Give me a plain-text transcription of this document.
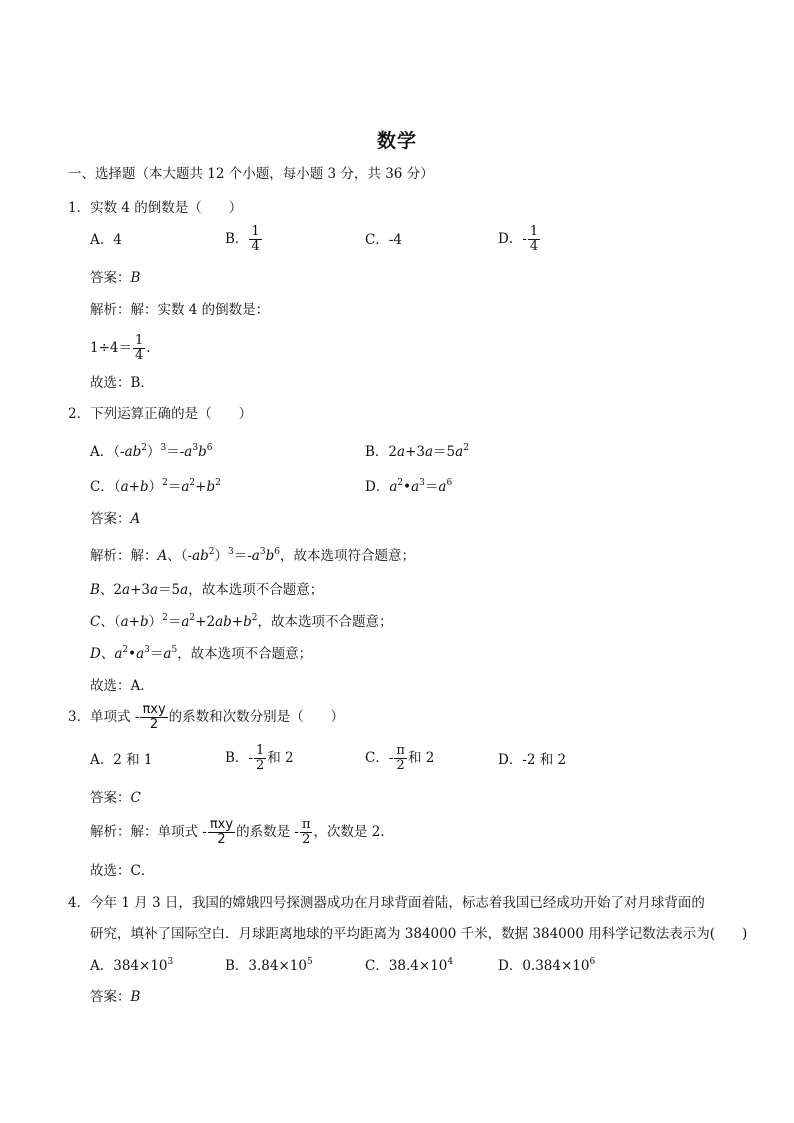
数学
一、选择题（本大题共 12 个小题，每小题 3 分，共 36 分）
1．实数 4 的倒数是（　　）
A．4	B． $\frac{1}{4}$	C．-4	D．- $\frac{1}{4}$
答案：B
解析：解：实数 4 的倒数是：
$1\div 4= \frac{1}{4}$ .
故选：B．
2．下列运算正确的是（　　）
A．$(-ab^2)^3=-a^3b^6$	B．$2a+3a=5a^2$
C．$(a+b)^2=a^2+b^2$	D．$a^2•a^3=a^6$
答案：A
解析：解：A、$(-ab^2)^3=-a^3b^6$，故本选项符合题意；
B、2a+3a＝5a，故本选项不合题意；
C、$(a+b)^2=a^2+2ab+b^2$，故本选项不合题意；
D、$a^2•a^3=a^5$，故本选项不合题意；
故选：A．
3．单项式 - $\frac{\text{πxy}}{2}$ 的系数和次数分别是（　　）
A．2 和 1	B．- $\frac{1}{2}$ 和 2	C．- $\frac{\pi}{2}$ 和 2	D．-2 和 2
答案：C
解析：解：单项式 - $\frac{\text{πxy}}{2}$ 的系数是 - $\frac{\pi}{2}$ ，次数是 2．
故选：C．
4．今年 1 月 3 日，我国的嫦娥四号探测器成功在月球背面着陆，标志着我国已经成功开始了对月球背面的
研究，填补了国际空白．月球距离地球的平均距离为 384000 千米，数据 384000 用科学记数法表示为(　　)
A．$384\times 10^3$	B．$3.84\times 10^5$	C．$38.4\times 10^4$	D．$0.384\times 10^6$
答案：B
